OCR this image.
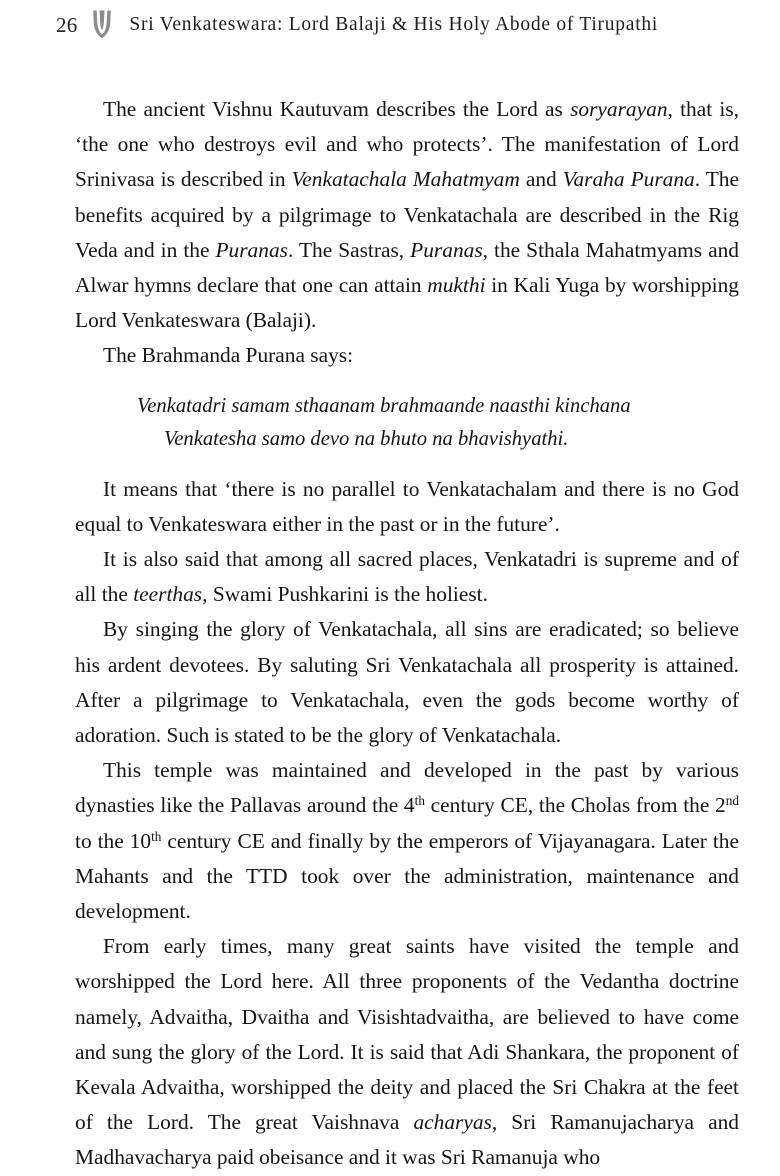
26	Sri Venkateswara: Lord Balaji & His Holy Abode of Tirupathi

The ancient Vishnu Kautuvam describes the Lord as soryarayan, that is, ‘the one who destroys evil and who protects’. The manifestation of Lord Srinivasa is described in Venkatachala Mahatmyam and Varaha Purana. The benefits acquired by a pilgrimage to Venkatachala are described in the Rig Veda and in the Puranas. The Sastras, Puranas, the Sthala Mahatmyams and Alwar hymns declare that one can attain mukthi in Kali Yuga by worshipping Lord Venkateswara (Balaji).

The Brahmanda Purana says:

Venkatadri samam sthaanam brahmaande naasthi kinchana
Venkatesha samo devo na bhuto na bhavishyathi.

It means that ‘there is no parallel to Venkatachalam and there is no God equal to Venkateswara either in the past or in the future’.

It is also said that among all sacred places, Venkatadri is supreme and of all the teerthas, Swami Pushkarini is the holiest.

By singing the glory of Venkatachala, all sins are eradicated; so believe his ardent devotees. By saluting Sri Venkatachala all prosperity is attained. After a pilgrimage to Venkatachala, even the gods become worthy of adoration. Such is stated to be the glory of Venkatachala.

This temple was maintained and developed in the past by various dynasties like the Pallavas around the 4th century CE, the Cholas from the 2nd to the 10th century CE and finally by the emperors of Vijayanagara. Later the Mahants and the TTD took over the administration, maintenance and development.

From early times, many great saints have visited the temple and worshipped the Lord here. All three proponents of the Vedantha doctrine namely, Advaitha, Dvaitha and Visishtadvaitha, are believed to have come and sung the glory of the Lord. It is said that Adi Shankara, the proponent of Kevala Advaitha, worshipped the deity and placed the Sri Chakra at the feet of the Lord. The great Vaishnava acharyas, Sri Ramanujacharya and Madhavacharya paid obeisance and it was Sri Ramanuja who
